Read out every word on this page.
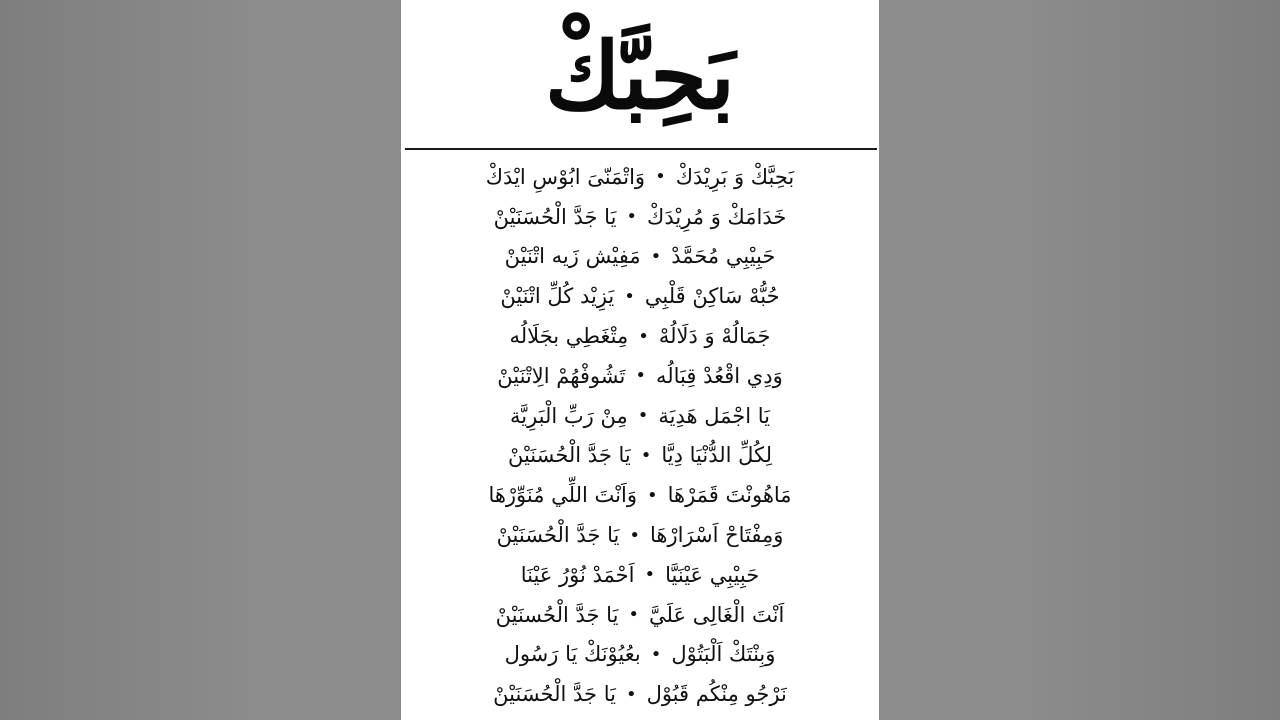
بَحِبَّكْ
بَحِبَّكْ وَ بَرِيْدَكْ
•
وَاتْمَنّىَ ابُوْسِ ايْدَكْ
خَدَامَكْ وَ مُرِيْدَكْ
•
يَا جَدَّ الْحُسَنَيْنْ
حَبِيْبِي مُحَمَّدْ
•
مَفِيْش زَيه اتْنَيْنْ
حُبُّهْ سَاكِنْ قَلْبِي
•
يَزِيْد كُلِّ اتْنَيْنْ
جَمَالُهْ وَ دَلَالُهْ
•
مِتْغَطِي بجَلَالُه
وَدِي اقْعُدْ قِبَالُه
•
تَشُوفْهُمْ الِاتْنَيْنْ
يَا اجْمَل هَدِيَة
•
مِنْ رَبِّ الْبَرِيَّة
لِكُلِّ الدُّنْيَا دِيَّا
•
يَا جَدَّ الْحُسَنَيْنْ
مَاهُونْتَ قَمَرْهَا
•
وَاَنْتَ اللِّي مُنَوِّرْهَا
وَمِفْتَاحْ اَسْرَارْهَا
•
يَا جَدَّ الْحُسَنَيْنْ
حَبِيْبِي عَيْنَيَّا
•
اَحْمَدْ نُوْرُ عَيْنَا
اَنْتَ الْغَالِى عَلَيَّ
•
يَا جَدَّ الْحُسنَيْنْ
وَبِنْتَكْ اَلْبَتُوْل
•
بعُيُوْنَكْ يَا رَسُول
نَرْجُو مِنْكُم قَبُوْل
•
يَا جَدَّ الْحُسَنَيْنْ
